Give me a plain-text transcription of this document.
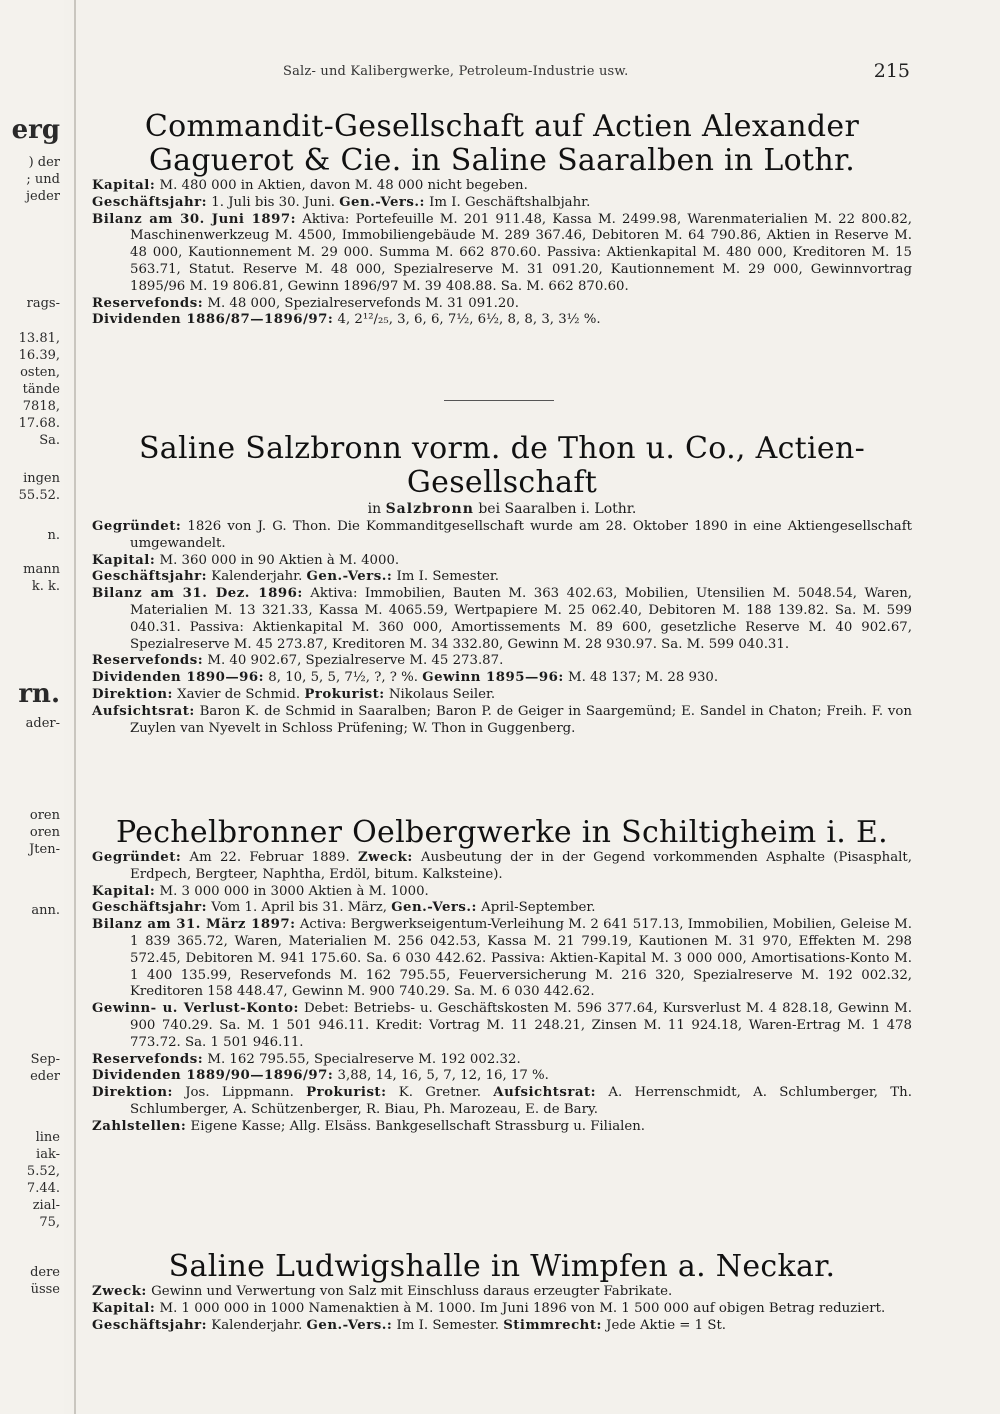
erg
) der
; und
jeder
rags-
13.81,
16.39,
osten,
tände
7818,
17.68.
Sa.
ingen
55.52.
n.
mann
k. k.
rn.
ader-
oren
oren
Jten-
ann.
Sep-
eder
line
iak-
5.52,
7.44.
zial-
75,
dere
üsse
Salz- und Kalibergwerke, Petroleum-Industrie usw.	215
Commandit-Gesellschaft auf Actien Alexander Gaguerot & Cie. in Saline Saaralben in Lothr.

Kapital: M. 480 000 in Aktien, davon M. 48 000 nicht begeben.

Geschäftsjahr: 1. Juli bis 30. Juni. Gen.-Vers.: Im I. Geschäftshalbjahr.

Bilanz am 30. Juni 1897: Aktiva: Portefeuille M. 201 911.48, Kassa M. 2499.98, Warenmaterialien M. 22 800.82, Maschinenwerkzeug M. 4500, Immobiliengebäude M. 289 367.46, Debitoren M. 64 790.86, Aktien in Reserve M. 48 000, Kautionnement M. 29 000. Summa M. 662 870.60. Passiva: Aktienkapital M. 480 000, Kreditoren M. 15 563.71, Statut. Reserve M. 48 000, Spezialreserve M. 31 091.20, Kautionnement M. 29 000, Gewinnvortrag 1895/96 M. 19 806.81, Gewinn 1896/97 M. 39 408.88. Sa. M. 662 870.60.

Reservefonds: M. 48 000, Spezialreservefonds M. 31 091.20.

Dividenden 1886/87—1896/97: 4, 2¹²/₂₅, 3, 6, 6, 7½, 6½, 8, 8, 3, 3½ %.

Saline Salzbronn vorm. de Thon u. Co., Actien-Gesellschaft
in Salzbronn bei Saaralben i. Lothr.

Gegründet: 1826 von J. G. Thon. Die Kommanditgesellschaft wurde am 28. Oktober 1890 in eine Aktiengesellschaft umgewandelt.

Kapital: M. 360 000 in 90 Aktien à M. 4000.

Geschäftsjahr: Kalenderjahr. Gen.-Vers.: Im I. Semester.

Bilanz am 31. Dez. 1896: Aktiva: Immobilien, Bauten M. 363 402.63, Mobilien, Utensilien M. 5048.54, Waren, Materialien M. 13 321.33, Kassa M. 4065.59, Wertpapiere M. 25 062.40, Debitoren M. 188 139.82. Sa. M. 599 040.31. Passiva: Aktienkapital M. 360 000, Amortissements M. 89 600, gesetzliche Reserve M. 40 902.67, Spezialreserve M. 45 273.87, Kreditoren M. 34 332.80, Gewinn M. 28 930.97. Sa. M. 599 040.31.

Reservefonds: M. 40 902.67, Spezialreserve M. 45 273.87.

Dividenden 1890—96: 8, 10, 5, 5, 7½, ?, ? %. Gewinn 1895—96: M. 48 137; M. 28 930.

Direktion: Xavier de Schmid. Prokurist: Nikolaus Seiler.

Aufsichtsrat: Baron K. de Schmid in Saaralben; Baron P. de Geiger in Saargemünd; E. Sandel in Chaton; Freih. F. von Zuylen van Nyevelt in Schloss Prüfening; W. Thon in Guggenberg.

Pechelbronner Oelbergwerke in Schiltigheim i. E.

Gegründet: Am 22. Februar 1889. Zweck: Ausbeutung der in der Gegend vorkommenden Asphalte (Pisasphalt, Erdpech, Bergteer, Naphtha, Erdöl, bitum. Kalksteine).

Kapital: M. 3 000 000 in 3000 Aktien à M. 1000.

Geschäftsjahr: Vom 1. April bis 31. März, Gen.-Vers.: April-September.

Bilanz am 31. März 1897: Activa: Bergwerkseigentum-Verleihung M. 2 641 517.13, Immobilien, Mobilien, Geleise M. 1 839 365.72, Waren, Materialien M. 256 042.53, Kassa M. 21 799.19, Kautionen M. 31 970, Effekten M. 298 572.45, Debitoren M. 941 175.60. Sa. 6 030 442.62. Passiva: Aktien-Kapital M. 3 000 000, Amortisations-Konto M. 1 400 135.99, Reservefonds M. 162 795.55, Feuerversicherung M. 216 320, Spezialreserve M. 192 002.32, Kreditoren 158 448.47, Gewinn M. 900 740.29. Sa. M. 6 030 442.62.

Gewinn- u. Verlust-Konto: Debet: Betriebs- u. Geschäftskosten M. 596 377.64, Kursverlust M. 4 828.18, Gewinn M. 900 740.29. Sa. M. 1 501 946.11. Kredit: Vortrag M. 11 248.21, Zinsen M. 11 924.18, Waren-Ertrag M. 1 478 773.72. Sa. 1 501 946.11.

Reservefonds: M. 162 795.55, Specialreserve M. 192 002.32.

Dividenden 1889/90—1896/97: 3,88, 14, 16, 5, 7, 12, 16, 17 %.

Direktion: Jos. Lippmann. Prokurist: K. Gretner. Aufsichtsrat: A. Herrenschmidt, A. Schlumberger, Th. Schlumberger, A. Schützenberger, R. Biau, Ph. Marozeau, E. de Bary.

Zahlstellen: Eigene Kasse; Allg. Elsäss. Bankgesellschaft Strassburg u. Filialen.

Saline Ludwigshalle in Wimpfen a. Neckar.

Zweck: Gewinn und Verwertung von Salz mit Einschluss daraus erzeugter Fabrikate.

Kapital: M. 1 000 000 in 1000 Namenaktien à M. 1000. Im Juni 1896 von M. 1 500 000 auf obigen Betrag reduziert.

Geschäftsjahr: Kalenderjahr. Gen.-Vers.: Im I. Semester. Stimmrecht: Jede Aktie = 1 St.
